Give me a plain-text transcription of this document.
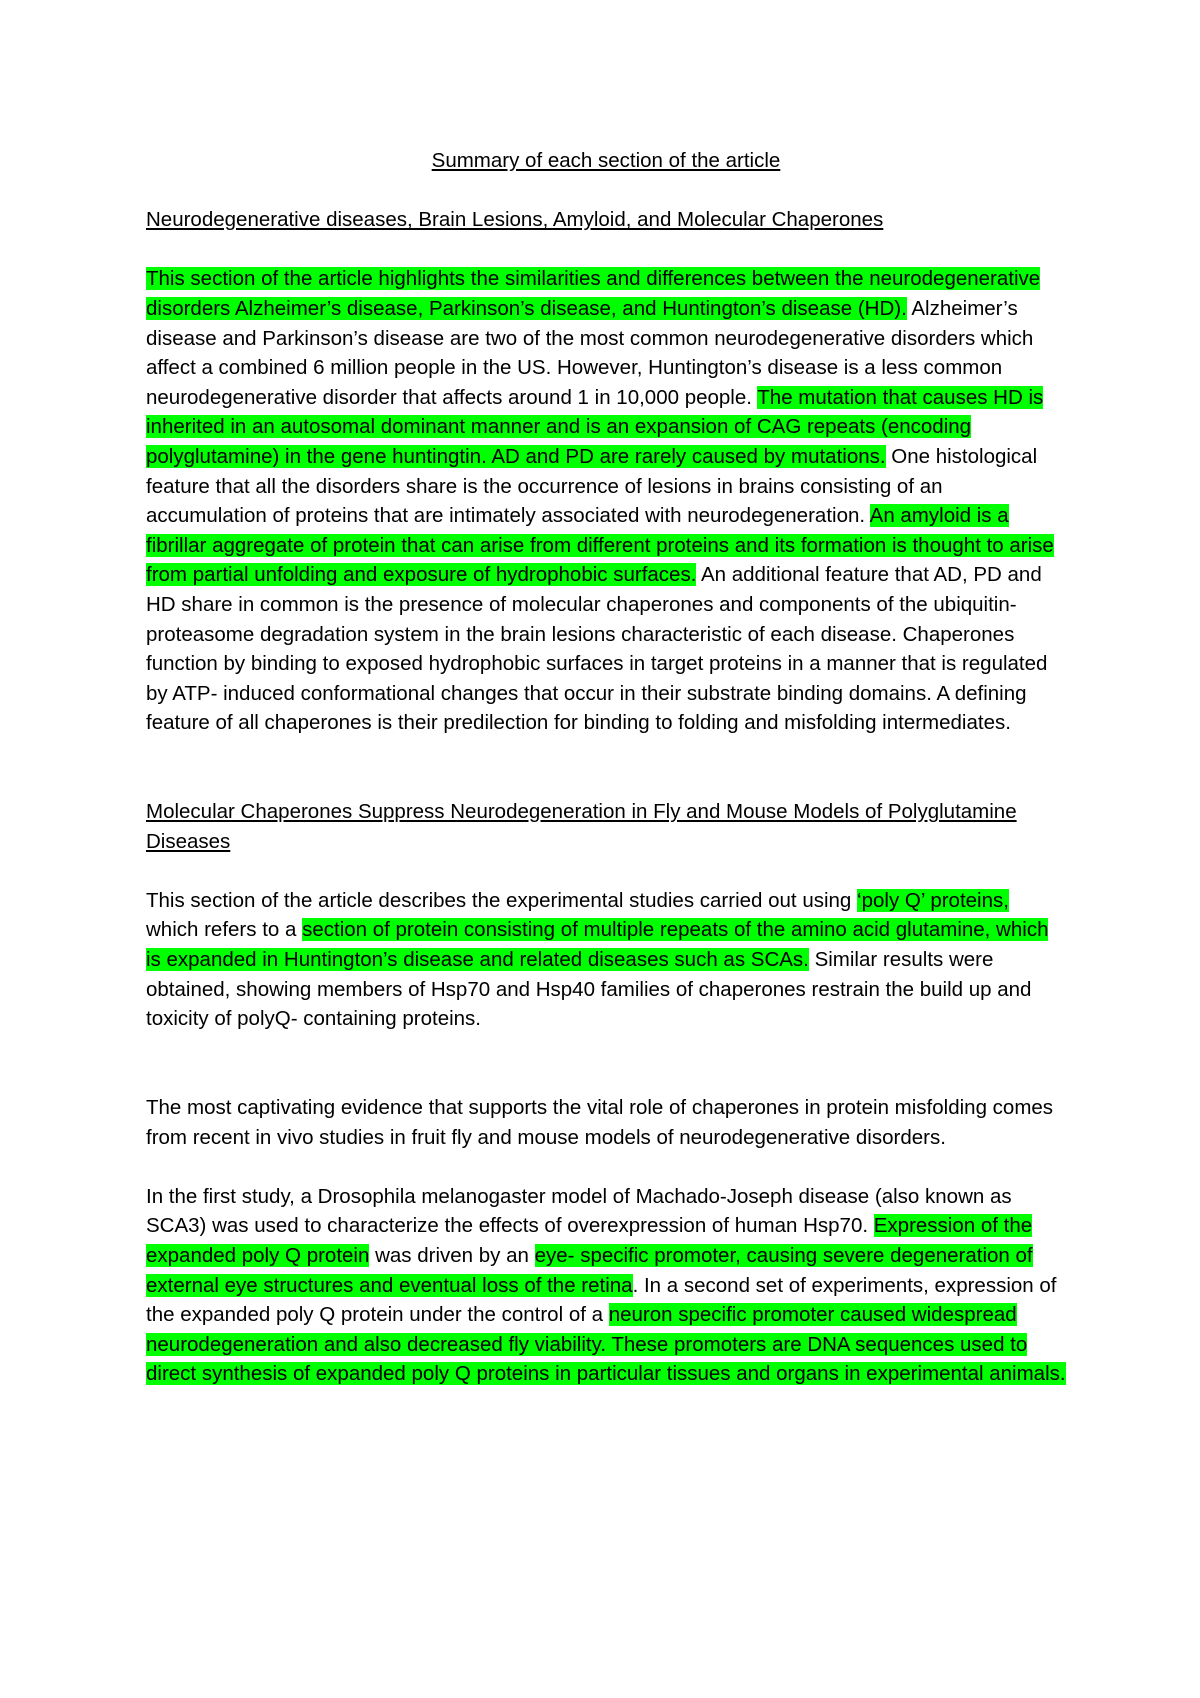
Summary of each section of the article
Neurodegenerative diseases, Brain Lesions, Amyloid, and Molecular Chaperones

This section of the article highlights the similarities and differences between the neurodegenerative disorders Alzheimer’s disease, Parkinson’s disease, and Huntington’s disease (HD). Alzheimer’s disease and Parkinson’s disease are two of the most common neurodegenerative disorders which affect a combined 6 million people in the US. However, Huntington’s disease is a less common neurodegenerative disorder that affects around 1 in 10,000 people. The mutation that causes HD is inherited in an autosomal dominant manner and is an expansion of CAG repeats (encoding polyglutamine) in the gene huntingtin. AD and PD are rarely caused by mutations. One histological feature that all the disorders share is the occurrence of lesions in brains consisting of an accumulation of proteins that are intimately associated with neurodegeneration. An amyloid is a fibrillar aggregate of protein that can arise from different proteins and its formation is thought to arise from partial unfolding and exposure of hydrophobic surfaces. An additional feature that AD, PD and HD share in common is the presence of molecular chaperones and components of the ubiquitin-proteasome degradation system in the brain lesions characteristic of each disease. Chaperones function by binding to exposed hydrophobic surfaces in target proteins in a manner that is regulated by ATP- induced conformational changes that occur in their substrate binding domains. A defining feature of all chaperones is their predilection for binding to folding and misfolding intermediates.

Molecular Chaperones Suppress Neurodegeneration in Fly and Mouse Models of Polyglutamine Diseases

This section of the article describes the experimental studies carried out using ‘poly Q’ proteins, which refers to a section of protein consisting of multiple repeats of the amino acid glutamine, which is expanded in Huntington’s disease and related diseases such as SCAs. Similar results were obtained, showing members of Hsp70 and Hsp40 families of chaperones restrain the build up and toxicity of polyQ- containing proteins.

The most captivating evidence that supports the vital role of chaperones in protein misfolding comes from recent in vivo studies in fruit fly and mouse models of neurodegenerative disorders.

In the first study, a Drosophila melanogaster model of Machado-Joseph disease (also known as SCA3) was used to characterize the effects of overexpression of human Hsp70. Expression of the expanded poly Q protein was driven by an eye- specific promoter, causing severe degeneration of external eye structures and eventual loss of the retina. In a second set of experiments, expression of the expanded poly Q protein under the control of a neuron specific promoter caused widespread neurodegeneration and also decreased fly viability. These promoters are DNA sequences used to direct synthesis of expanded poly Q proteins in particular tissues and organs in experimental animals.
